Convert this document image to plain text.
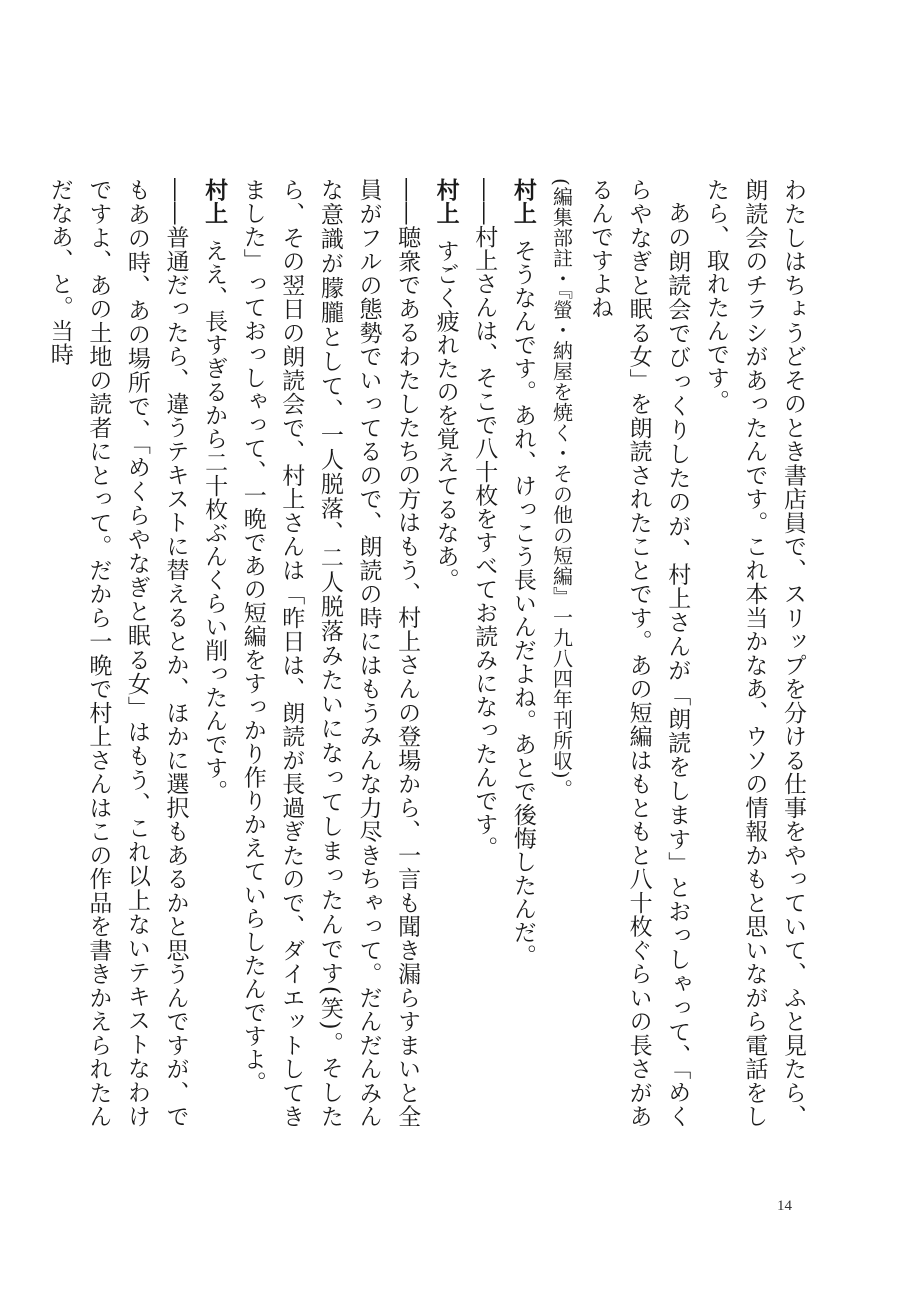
わたしはちょうどそのとき書店員で、スリップを分ける仕事をやっていて、ふと見たら、朗読会のチラシがあったんです。これ本当かなあ、ウソの情報かもと思いながら電話をしたら、取れたんです。

あの朗読会でびっくりしたのが、村上さんが「朗読をします」とおっしゃって、「めくらやなぎと眠る女」を朗読されたことです。あの短編はもともと八十枚ぐらいの長さがあるんですよね

(編集部註・『螢・納屋を焼く・その他の短編』一九八四年刊所収)。

村上そうなんです。あれ、けっこう長いんだよね。あとで後悔したんだ。

――村上さんは、そこで八十枚をすべてお読みになったんです。

村上すごく疲れたのを覚えてるなあ。

――聴衆であるわたしたちの方はもう、村上さんの登場から、一言も聞き漏らすまいと全員がフルの態勢でいってるので、朗読の時にはもうみんな力尽きちゃって。だんだんみんな意識が朦朧として、一人脱落、二人脱落みたいになってしまったんです(笑)。そしたら、その翌日の朗読会で、村上さんは「昨日は、朗読が長過ぎたので、ダイエットしてきました」っておっしゃって、一晩であの短編をすっかり作りかえていらしたんですよ。

村上ええ、長すぎるから二十枚ぶんくらい削ったんです。

――普通だったら、違うテキストに替えるとか、ほかに選択もあるかと思うんですが、でもあの時、あの場所で、「めくらやなぎと眠る女」はもう、これ以上ないテキストなわけですよ、あの土地の読者にとって。だから一晩で村上さんはこの作品を書きかえられたんだなあ、と。当時

14
